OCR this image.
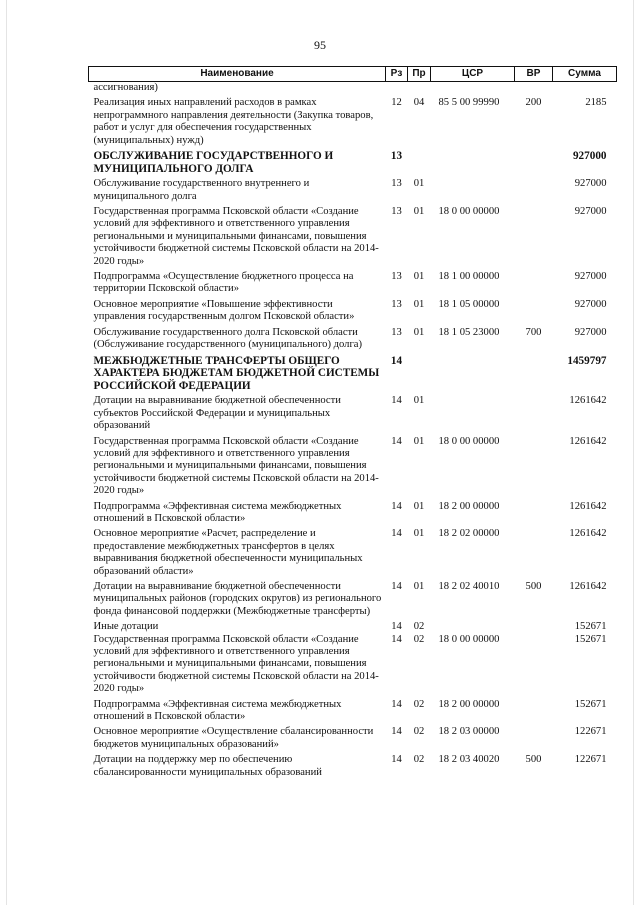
95
Наименование	Рз	Пр	ЦСР	ВР	Сумма
ассигнования)					
Реализация иных направлений расходов в рамках непрограммного направления деятельности (Закупка товаров, работ и услуг для обеспечения государственных (муниципальных) нужд)	12	04	85 5 00 99990	200	2185
ОБСЛУЖИВАНИЕ ГОСУДАРСТВЕННОГО И МУНИЦИПАЛЬНОГО ДОЛГА	13				927000
Обслуживание государственного внутреннего и муниципального долга	13	01			927000
Государственная программа Псковской области «Создание условий для эффективного и ответственного управления региональными и муниципальными финансами, повышения устойчивости бюджетной системы Псковской области на 2014-2020 годы»	13	01	18 0 00 00000		927000
Подпрограмма «Осуществление бюджетного процесса на территории Псковской области»	13	01	18 1 00 00000		927000
Основное мероприятие «Повышение эффективности управления государственным долгом Псковской области»	13	01	18 1 05 00000		927000
Обслуживание государственного долга Псковской области (Обслуживание государственного (муниципального) долга)	13	01	18 1 05 23000	700	927000
МЕЖБЮДЖЕТНЫЕ ТРАНСФЕРТЫ ОБЩЕГО ХАРАКТЕРА БЮДЖЕТАМ БЮДЖЕТНОЙ СИСТЕМЫ РОССИЙСКОЙ ФЕДЕРАЦИИ	14				1459797
Дотации на выравнивание бюджетной обеспеченности субъектов Российской Федерации и муниципальных образований	14	01			1261642
Государственная программа Псковской области «Создание условий для эффективного и ответственного управления региональными и муниципальными финансами, повышения устойчивости бюджетной системы Псковской области на 2014-2020 годы»	14	01	18 0 00 00000		1261642
Подпрограмма «Эффективная система межбюджетных отношений в Псковской области»	14	01	18 2 00 00000		1261642
Основное мероприятие «Расчет, распределение и предоставление межбюджетных трансфертов в целях выравнивания бюджетной обеспеченности муниципальных образований области»	14	01	18 2 02 00000		1261642
Дотации на выравнивание бюджетной обеспеченности муниципальных районов (городских округов) из регионального фонда финансовой поддержки (Межбюджетные трансферты)	14	01	18 2 02 40010	500	1261642
Иные дотации	14	02			152671
Государственная программа Псковской области «Создание условий для эффективного и ответственного управления региональными и муниципальными финансами, повышения устойчивости бюджетной системы Псковской области на 2014-2020 годы»	14	02	18 0 00 00000		152671
Подпрограмма «Эффективная система межбюджетных отношений в Псковской области»	14	02	18 2 00 00000		152671
Основное мероприятие «Осуществление сбалансированности бюджетов муниципальных образований»	14	02	18 2 03 00000		122671
Дотации на поддержку мер по обеспечению сбалансированности муниципальных образований	14	02	18 2 03 40020	500	122671
